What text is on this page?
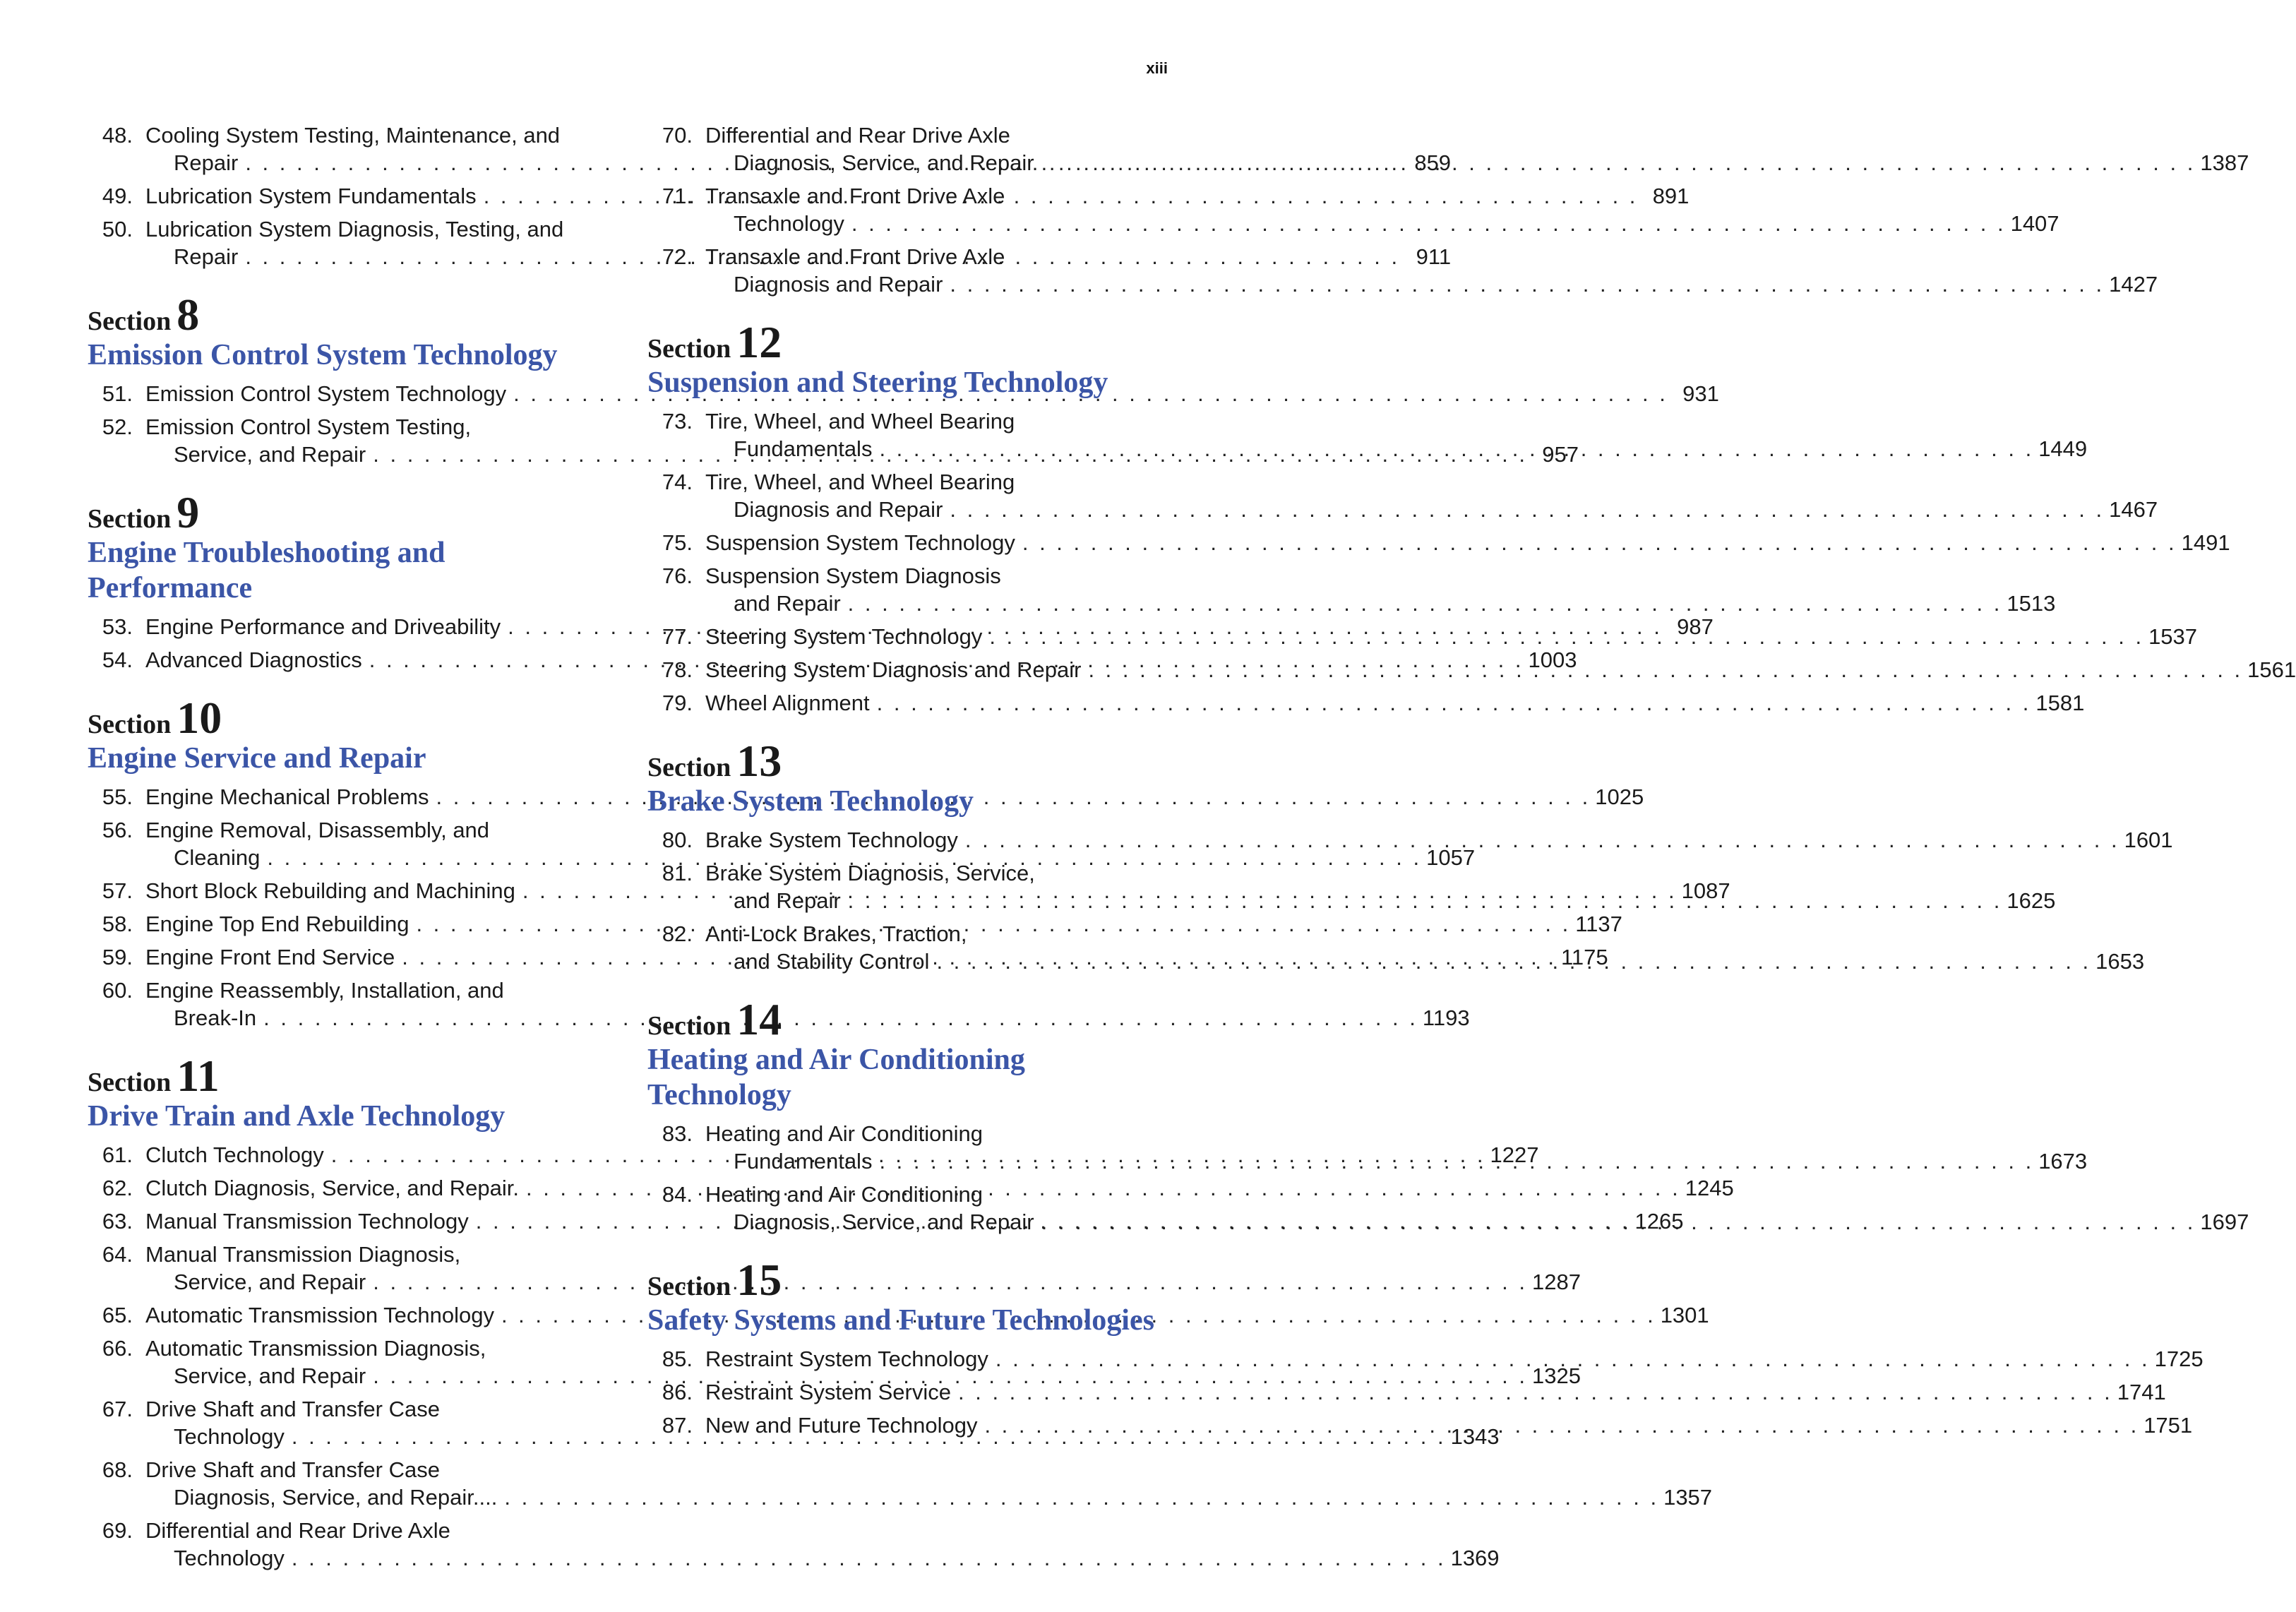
xiii
48. Cooling System Testing, Maintenance, and
Repair . . .	859
49. Lubrication System Fundamentals . . .	891
50. Lubrication System Diagnosis, Testing, and
Repair . . .	911
Section 8
Emission Control System Technology
51. Emission Control System Technology . . .	931
52. Emission Control System Testing,
Service, and Repair . . .	957
Section 9
Engine Troubleshooting and Performance
53. Engine Performance and Driveability . . .	987
54. Advanced Diagnostics . . .	1003
Section 10
Engine Service and Repair
55. Engine Mechanical Problems . . .	1025
56. Engine Removal, Disassembly, and
Cleaning . . .	1057
57. Short Block Rebuilding and Machining . . .	1087
58. Engine Top End Rebuilding . . .	1137
59. Engine Front End Service . . .	1175
60. Engine Reassembly, Installation, and
Break-In . . .	1193
Section 11
Drive Train and Axle Technology
61. Clutch Technology . . .	1227
62. Clutch Diagnosis, Service, and Repair. . . .	1245
63. Manual Transmission Technology . . .	1265
64. Manual Transmission Diagnosis,
Service, and Repair . . .	1287
65. Automatic Transmission Technology . . .	1301
66. Automatic Transmission Diagnosis,
Service, and Repair . . .	1325
67. Drive Shaft and Transfer Case
Technology . . .	1343
68. Drive Shaft and Transfer Case
Diagnosis, Service, and Repair.... . . .	1357
69. Differential and Rear Drive Axle
Technology . . .	1369
70. Differential and Rear Drive Axle
Diagnosis, Service, and Repair . . .	1387
71. Transaxle and Front Drive Axle
Technology . . .	1407
72. Transaxle and Front Drive Axle
Diagnosis and Repair . . .	1427
Section 12
Suspension and Steering Technology
73. Tire, Wheel, and Wheel Bearing
Fundamentals . . .	1449
74. Tire, Wheel, and Wheel Bearing
Diagnosis and Repair . . .	1467
75. Suspension System Technology . . .	1491
76. Suspension System Diagnosis
and Repair . . .	1513
77. Steering System Technology . . .	1537
78. Steering System Diagnosis and Repair . . .	1561
79. Wheel Alignment . . .	1581
Section 13
Brake System Technology
80. Brake System Technology . . .	1601
81. Brake System Diagnosis, Service,
and Repair . . .	1625
82. Anti-Lock Brakes, Traction,
and Stability Control . . .	1653
Section 14
Heating and Air Conditioning Technology
83. Heating and Air Conditioning
Fundamentals . . .	1673
84. Heating and Air Conditioning
Diagnosis, Service, and Repair . . .	1697
Section 15
Safety Systems and Future Technologies
85. Restraint System Technology . . .	1725
86. Restraint System Service . . .	1741
87. New and Future Technology . . .	1751
